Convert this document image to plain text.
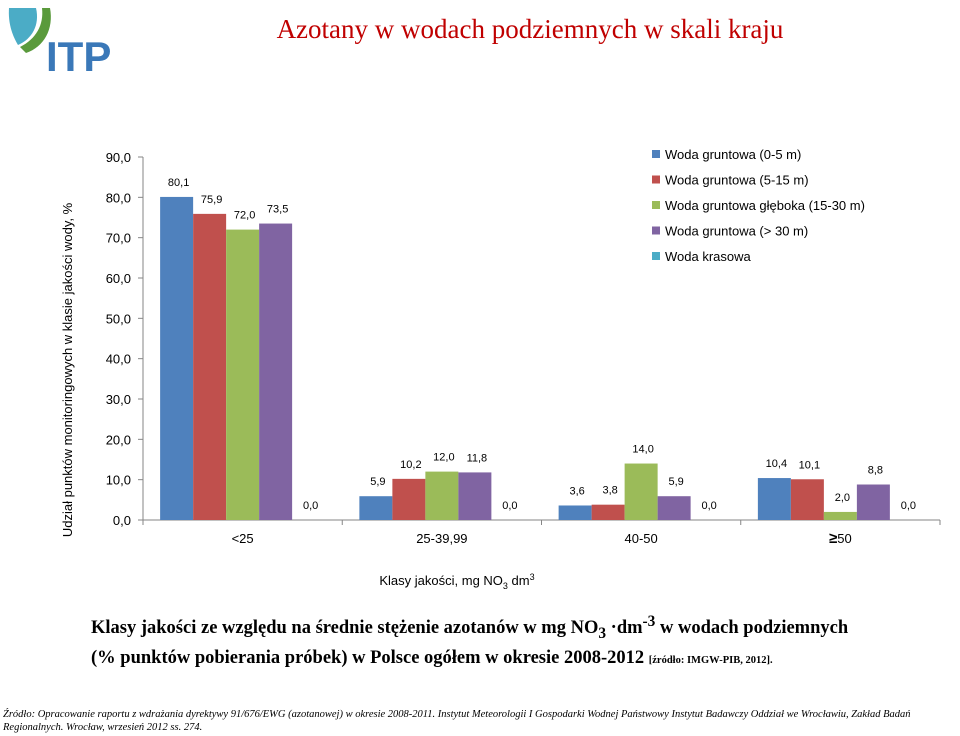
ITP
Azotany w wodach podziemnych w skali kraju
0,0
10,0
20,0
30,0
40,0
50,0
60,0
70,0
80,0
90,0
<25	25-39,99	40-50	≥50
80,1
75,9
72,0
73,5
0,0
5,9
10,2
12,0 11,8
0,0
3,6 3,8
14,0
5,9
0,0
10,4 10,1
2,0
8,8
0,0
Woda gruntowa (0-5 m)
Woda gruntowa (5-15 m)
Woda gruntowa głęboka (15-30 m)
Woda gruntowa (> 30 m)
Woda krasowa
Udział punktów monitoringowych w klasie jakości wody, %
Klasy jakości, mg $NO_3$ $dm^3$
Klasy jakości ze względu na średnie stężenie azotanów w mg $NO_3 \cdot dm^{-3}$ w wodach podziemnych
(% punktów pobierania próbek) w Polsce ogółem w okresie 2008-2012 [źródło: IMGW-PIB, 2012].
Źródło: Opracowanie raportu z wdrażania dyrektywy 91/676/EWG (azotanowej) w okresie 2008-2011. Instytut Meteorologii I Gospodarki Wodnej Państwowy Instytut Badawczy Oddział we Wrocławiu, Zakład Badań Regionalnych. Wrocław, wrzesień 2012 ss. 274.
